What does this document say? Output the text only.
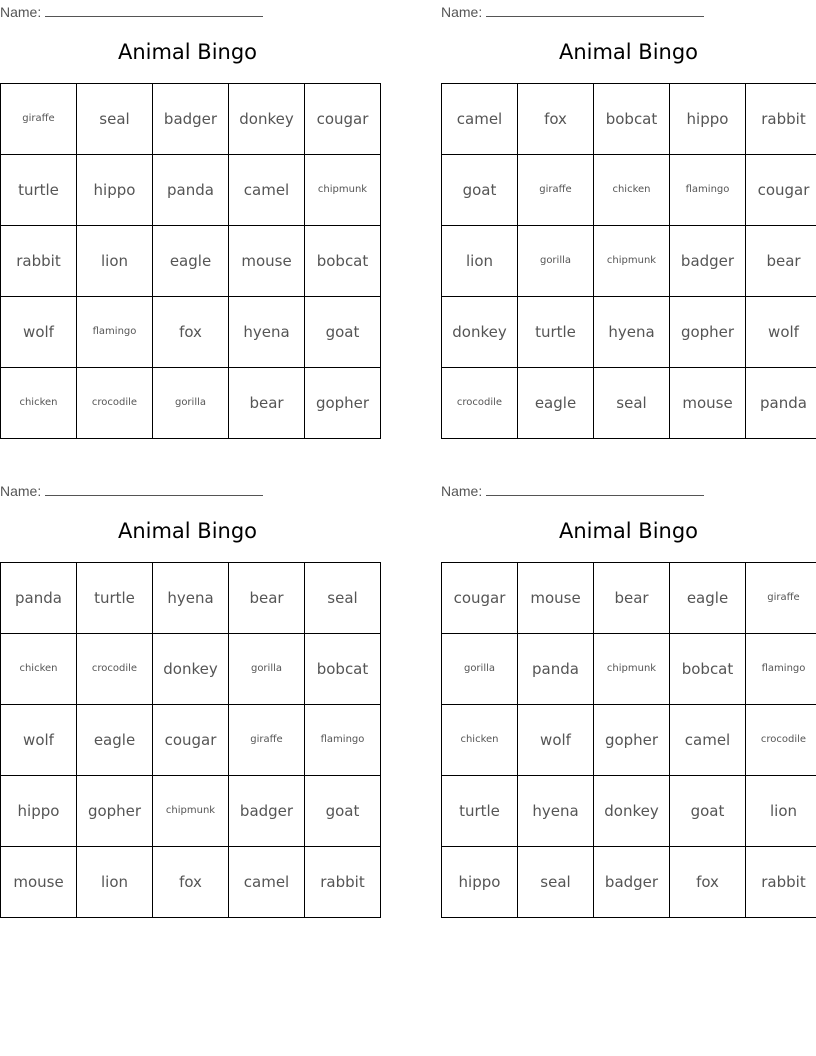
Name:
Animal Bingo
giraffe	seal	badger	donkey	cougar
turtle	hippo	panda	camel	chipmunk
rabbit	lion	eagle	mouse	bobcat
wolf	flamingo	fox	hyena	goat
chicken	crocodile	gorilla	bear	gopher
Name:
Animal Bingo
camel	fox	bobcat	hippo	rabbit
goat	giraffe	chicken	flamingo	cougar
lion	gorilla	chipmunk	badger	bear
donkey	turtle	hyena	gopher	wolf
crocodile	eagle	seal	mouse	panda
Name:
Animal Bingo
panda	turtle	hyena	bear	seal
chicken	crocodile	donkey	gorilla	bobcat
wolf	eagle	cougar	giraffe	flamingo
hippo	gopher	chipmunk	badger	goat
mouse	lion	fox	camel	rabbit
Name:
Animal Bingo
cougar	mouse	bear	eagle	giraffe
gorilla	panda	chipmunk	bobcat	flamingo
chicken	wolf	gopher	camel	crocodile
turtle	hyena	donkey	goat	lion
hippo	seal	badger	fox	rabbit
